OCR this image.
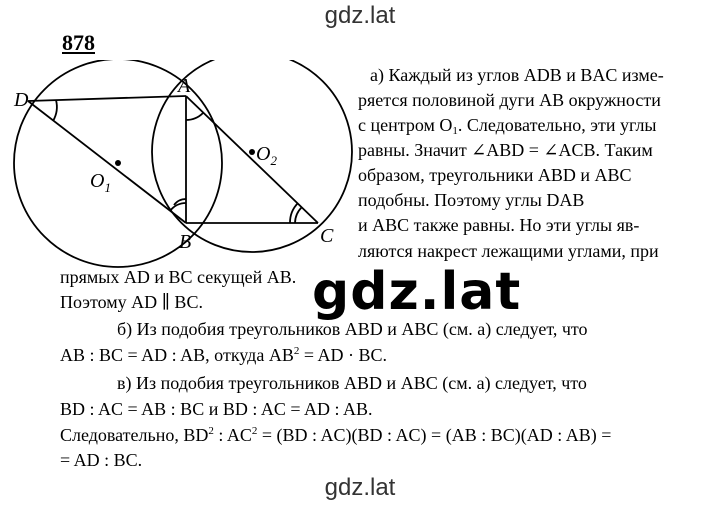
gdz.lat
878
D
A
B	C
$O_1$
$O_2$
а) Каждый из углов ADB и BAC изме-
ряется половиной дуги AB окружности
с центром $O_1$. Следовательно, эти углы
равны. Значит ∠ABD = ∠ACB. Таким
образом, треугольники ABD и ABC
подобны. Поэтому углы DAB
и ABC также равны. Но эти углы яв-
ляются накрест лежащими углами, при
прямых AD и BC секущей AB.
Поэтому AD ∥ BC.
б) Из подобия треугольников ABD и ABC (см. а) следует, что
AB : BC = AD : AB, откуда $AB^2$ = AD · BC.
в) Из подобия треугольников ABD и ABC (см. а) следует, что
BD : AC = AB : BC и BD : AC = AD : AB.
Следовательно, $BD^2$ : $AC^2 = (BD$ : AC)(BD : AC) = (AB : BC)(AD : AB) =
= AD : BC.
gdz.lat
gdz.lat
